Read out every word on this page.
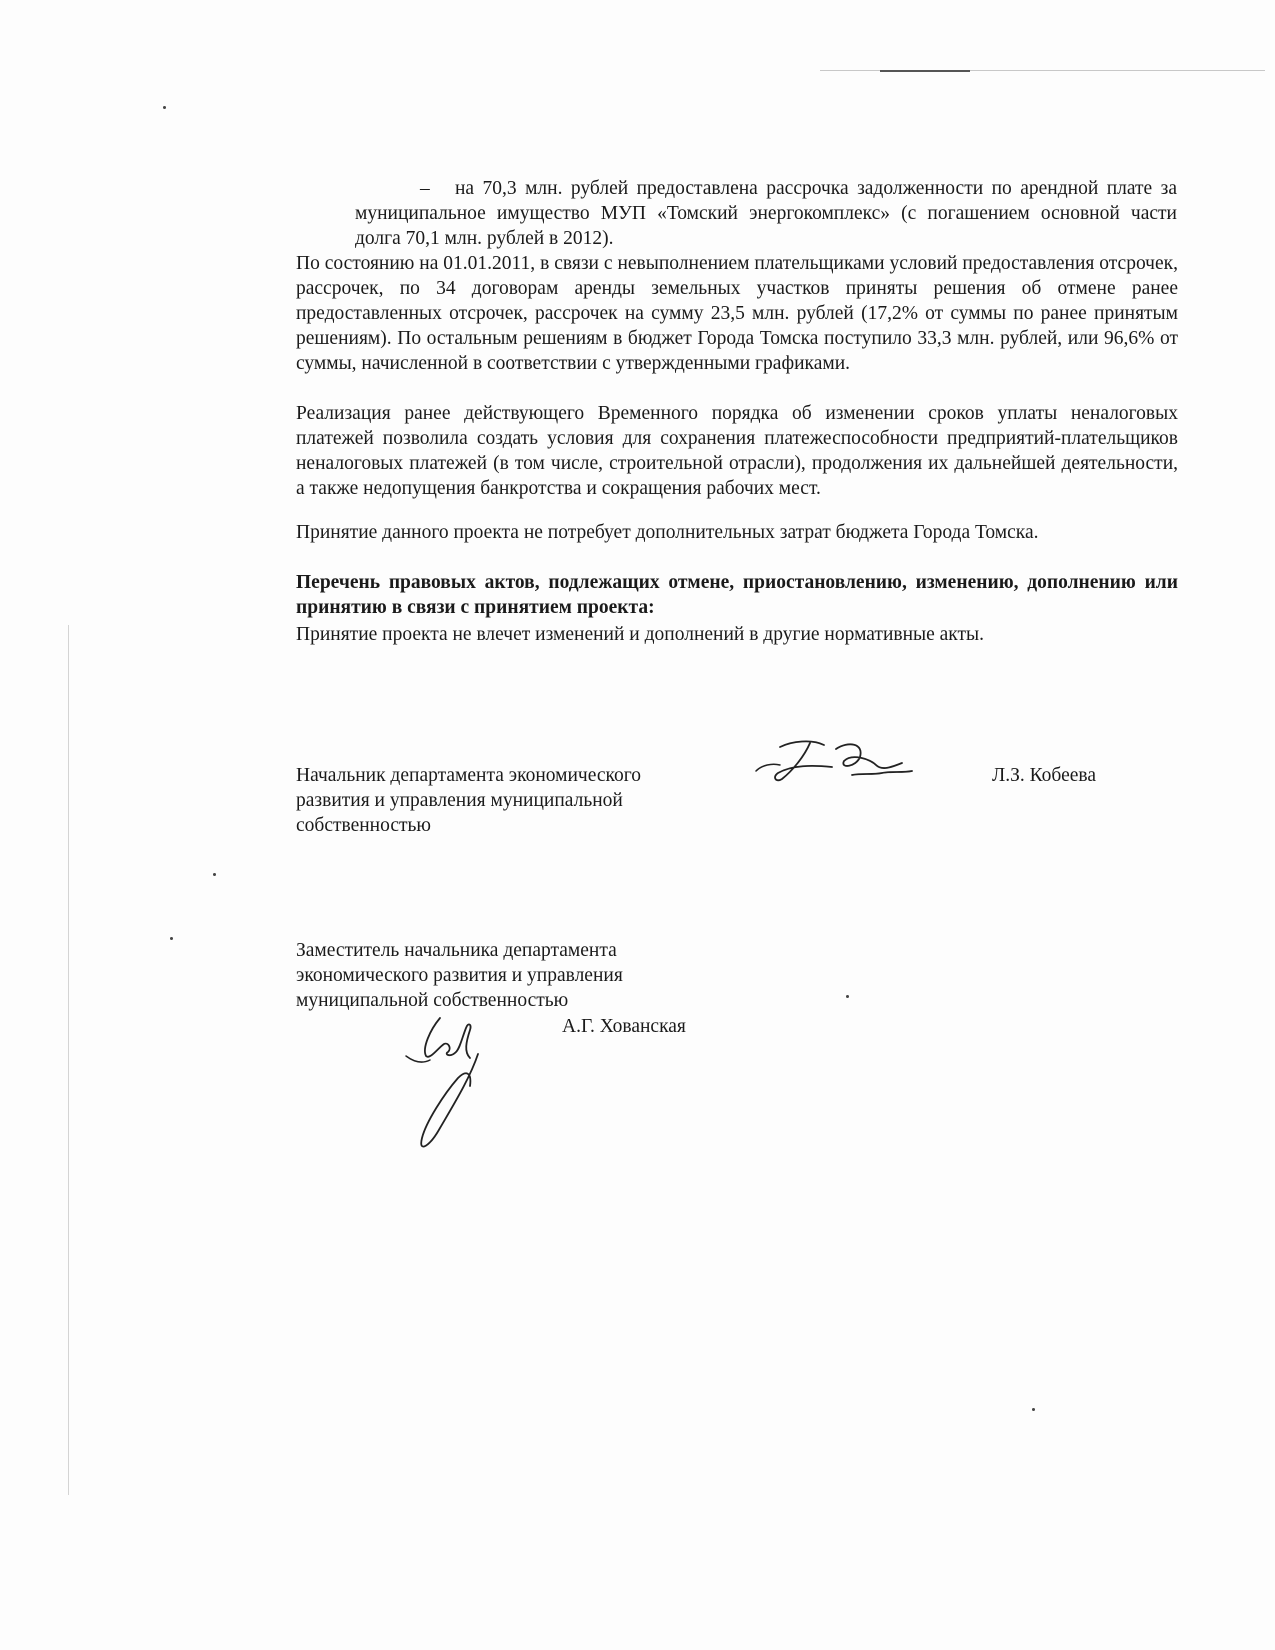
–	на 70,3 млн. рублей предоставлена рассрочка задолженности по арендной плате за муниципальное имущество МУП «Томский энергокомплекс» (с погашением основной части долга 70,1 млн. рублей в 2012).

По состоянию на 01.01.2011, в связи с невыполнением плательщиками условий предоставления отсрочек, рассрочек, по 34 договорам аренды земельных участков приняты решения об отмене ранее предоставленных отсрочек, рассрочек на сумму 23,5 млн. рублей (17,2% от суммы по ранее принятым решениям). По остальным решениям в бюджет Города Томска поступило 33,3 млн. рублей, или 96,6% от суммы, начисленной в соответствии с утвержденными графиками.

Реализация ранее действующего Временного порядка об изменении сроков уплаты неналоговых платежей позволила создать условия для сохранения платежеспособности предприятий-плательщиков неналоговых платежей (в том числе, строительной отрасли), продолжения их дальнейшей деятельности, а также недопущения банкротства и сокращения рабочих мест.

Принятие данного проекта не потребует дополнительных затрат бюджета Города Томска.

Перечень правовых актов, подлежащих отмене, приостановлению, изменению, дополнению или принятию в связи с принятием проекта:

Принятие проекта не влечет изменений и дополнений в другие нормативные акты.

Начальник департамента экономического развития и управления муниципальной собственностью
Л.З. Кобеева
Заместитель начальника департамента экономического развития и управления муниципальной собственностью
А.Г. Хованская
